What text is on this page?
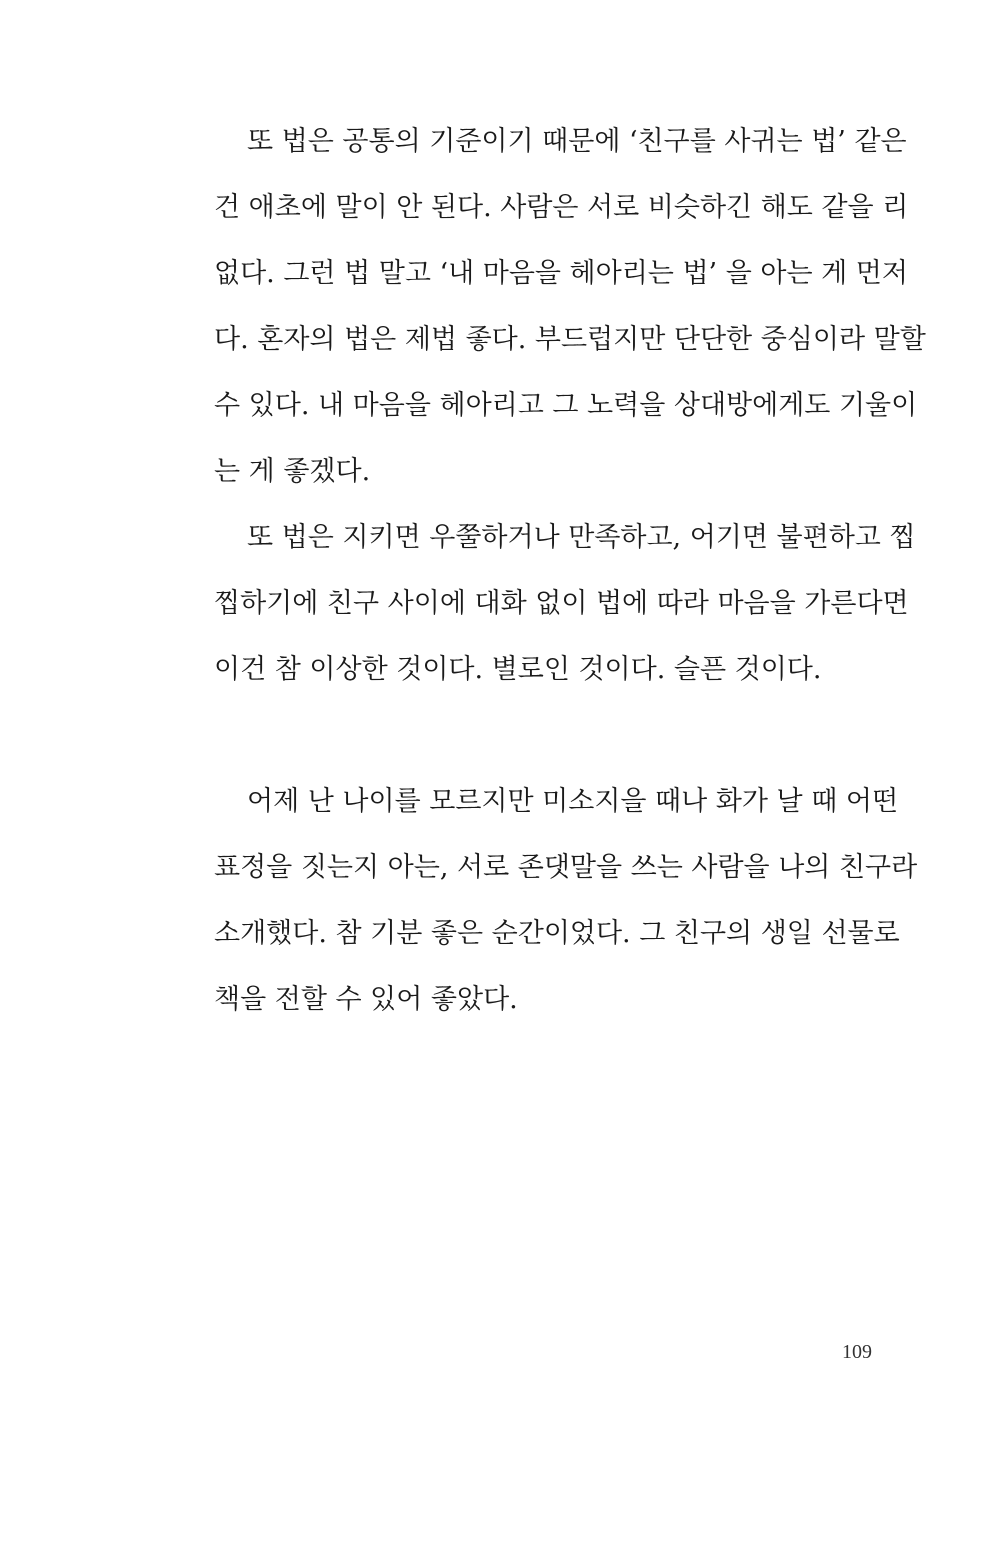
또 법은 공통의 기준이기 때문에 ‘친구를 사귀는 법’ 같은
건 애초에 말이 안 된다. 사람은 서로 비슷하긴 해도 같을 리
없다. 그런 법 말고 ‘내 마음을 헤아리는 법’ 을 아는 게 먼저
다. 혼자의 법은 제법 좋다. 부드럽지만 단단한 중심이라 말할
수 있다. 내 마음을 헤아리고 그 노력을 상대방에게도 기울이
는 게 좋겠다.
또 법은 지키면 우쭐하거나 만족하고, 어기면 불편하고 찝
찝하기에 친구 사이에 대화 없이 법에 따라 마음을 가른다면
이건 참 이상한 것이다. 별로인 것이다. 슬픈 것이다.
어제 난 나이를 모르지만 미소지을 때나 화가 날 때 어떤
표정을 짓는지 아는, 서로 존댓말을 쓰는 사람을 나의 친구라
소개했다. 참 기분 좋은 순간이었다. 그 친구의 생일 선물로
책을 전할 수 있어 좋았다.
109
